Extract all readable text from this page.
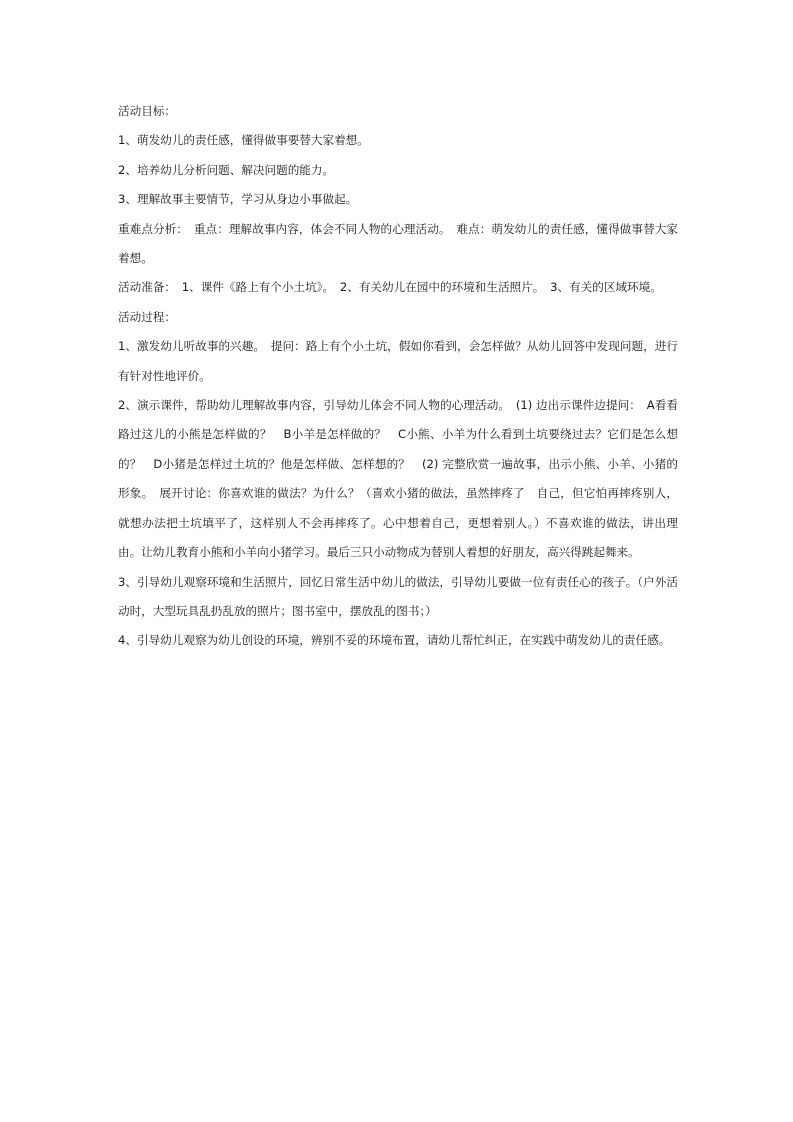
活动目标：

1、萌发幼儿的责任感，懂得做事要替大家着想。

2、培养幼儿分析问题、解决问题的能力。

3、理解故事主要情节，学习从身边小事做起。

重难点分析：　重点：理解故事内容，体会不同人物的心理活动。　难点：萌发幼儿的责任感，懂得做事替大家着想。

活动准备：　1、课件《路上有个小土坑》。　2、有关幼儿在园中的环境和生活照片。　3、有关的区域环境。

活动过程：

1、激发幼儿听故事的兴趣。　提问：路上有个小土坑，假如你看到，会怎样做？从幼儿回答中发现问题，进行有针对性地评价。

2、演示课件，帮助幼儿理解故事内容，引导幼儿体会不同人物的心理活动。　(1) 边出示课件边提问：　A看看路过这儿的小熊是怎样做的？　B小羊是怎样做的？　C小熊、小羊为什么看到土坑要绕过去？它们是怎么想的？　D小猪是怎样过土坑的？他是怎样做、怎样想的？　(2) 完整欣赏一遍故事，出示小熊、小羊、小猪的形象。　展开讨论：你喜欢谁的做法？为什么？（喜欢小猪的做法，虽然摔疼了　自己，但它怕再摔疼别人，就想办法把土坑填平了，这样别人不会再摔疼了。心中想着自己，更想着别人。）不喜欢谁的做法，讲出理由。让幼儿教育小熊和小羊向小猪学习。最后三只小动物成为替别人着想的好朋友，高兴得跳起舞来。

3、引导幼儿观察环境和生活照片，回忆日常生活中幼儿的做法，引导幼儿要做一位有责任心的孩子。（户外活动时，大型玩具乱扔乱放的照片；图书室中，摆放乱的图书；）

4、引导幼儿观察为幼儿创设的环境，辨别不妥的环境布置，请幼儿帮忙纠正，在实践中萌发幼儿的责任感。
